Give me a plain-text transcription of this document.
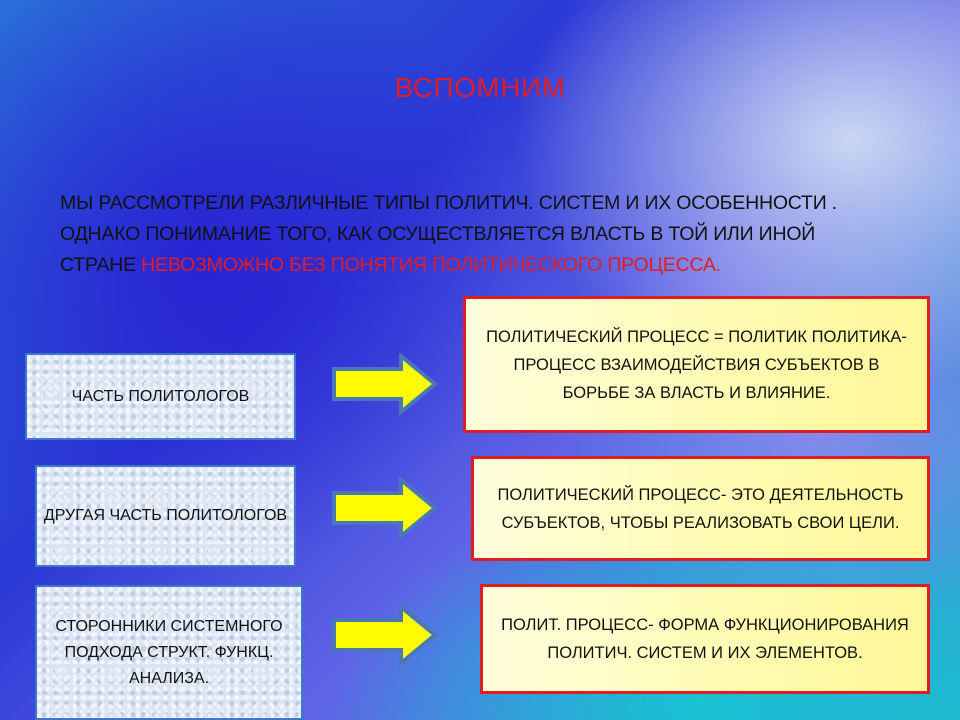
ВСПОМНИМ
МЫ РАССМОТРЕЛИ РАЗЛИЧНЫЕ ТИПЫ ПОЛИТИЧ. СИСТЕМ И ИХ ОСОБЕННОСТИ . ОДНАКО ПОНИМАНИЕ ТОГО, КАК ОСУЩЕСТВЛЯЕТСЯ ВЛАСТЬ В ТОЙ ИЛИ ИНОЙ СТРАНЕ НЕВОЗМОЖНО БЕЗ ПОНЯТИЯ ПОЛИТИЧЕСКОГО ПРОЦЕССА.
ЧАСТЬ ПОЛИТОЛОГОВ
ПОЛИТИЧЕСКИЙ ПРОЦЕСС = ПОЛИТИК ПОЛИТИКА- ПРОЦЕСС ВЗАИМОДЕЙСТВИЯ СУБЪЕКТОВ В БОРЬБЕ ЗА ВЛАСТЬ И ВЛИЯНИЕ.
ДРУГАЯ ЧАСТЬ ПОЛИТОЛОГОВ
ПОЛИТИЧЕСКИЙ ПРОЦЕСС- ЭТО ДЕЯТЕЛЬНОСТЬ СУБЪЕКТОВ, ЧТОБЫ РЕАЛИЗОВАТЬ СВОИ ЦЕЛИ.
СТОРОННИКИ СИСТЕМНОГО ПОДХОДА СТРУКТ. ФУНКЦ. АНАЛИЗА.
ПОЛИТ. ПРОЦЕСС- ФОРМА ФУНКЦИОНИРОВАНИЯ ПОЛИТИЧ. СИСТЕМ И ИХ ЭЛЕМЕНТОВ.
